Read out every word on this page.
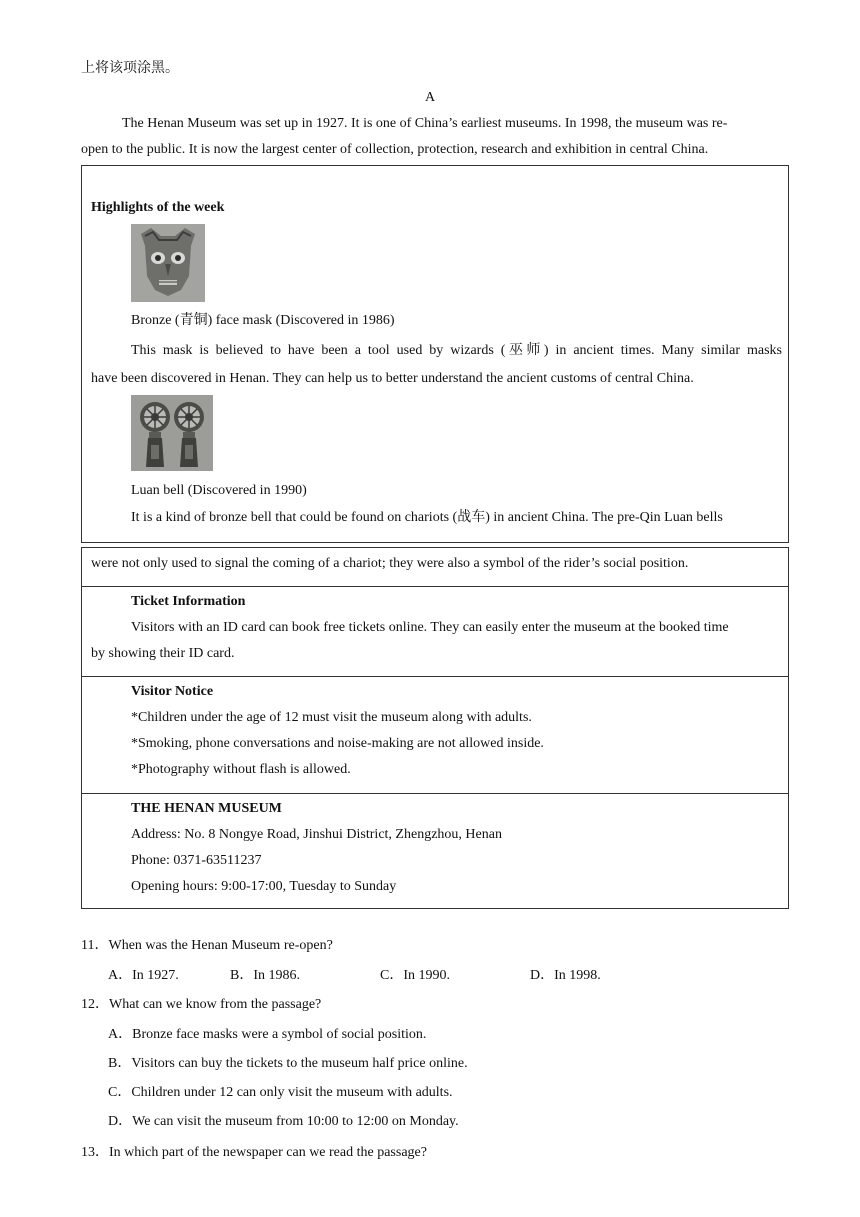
上将该项涂黑。
A
The Henan Museum was set up in 1927. It is one of China’s earliest museums. In 1998, the museum was re-
open to the public. It is now the largest center of collection, protection, research and exhibition in central China.
Highlights of the week
Bronze (青铜) face mask (Discovered in 1986)
This mask is believed to have been a tool used by wizards (巫师) in ancient times. Many similar masks
have been discovered in Henan. They can help us to better understand the ancient customs of central China.
Luan bell (Discovered in 1990)
It is a kind of bronze bell that could be found on chariots (战车) in ancient China. The pre-Qin Luan bells
were not only used to signal the coming of a chariot; they were also a symbol of the rider’s social position.
Ticket Information
Visitors with an ID card can book free tickets online. They can easily enter the museum at the booked time
by showing their ID card.
Visitor Notice
*Children under the age of 12 must visit the museum along with adults.
*Smoking, phone conversations and noise-making are not allowed inside.
*Photography without flash is allowed.
THE HENAN MUSEUM
Address: No. 8 Nongye Road, Jinshui District, Zhengzhou, Henan
Phone: 0371-63511237
Opening hours: 9:00-17:00, Tuesday to Sunday
11．When was the Henan Museum re-open?
A．In 1927.	B．In 1986.	C．In 1990.	D．In 1998.
12．What can we know from the passage?
A．Bronze face masks were a symbol of social position.
B．Visitors can buy the tickets to the museum half price online.
C．Children under 12 can only visit the museum with adults.
D．We can visit the museum from 10:00 to 12:00 on Monday.
13．In which part of the newspaper can we read the passage?
